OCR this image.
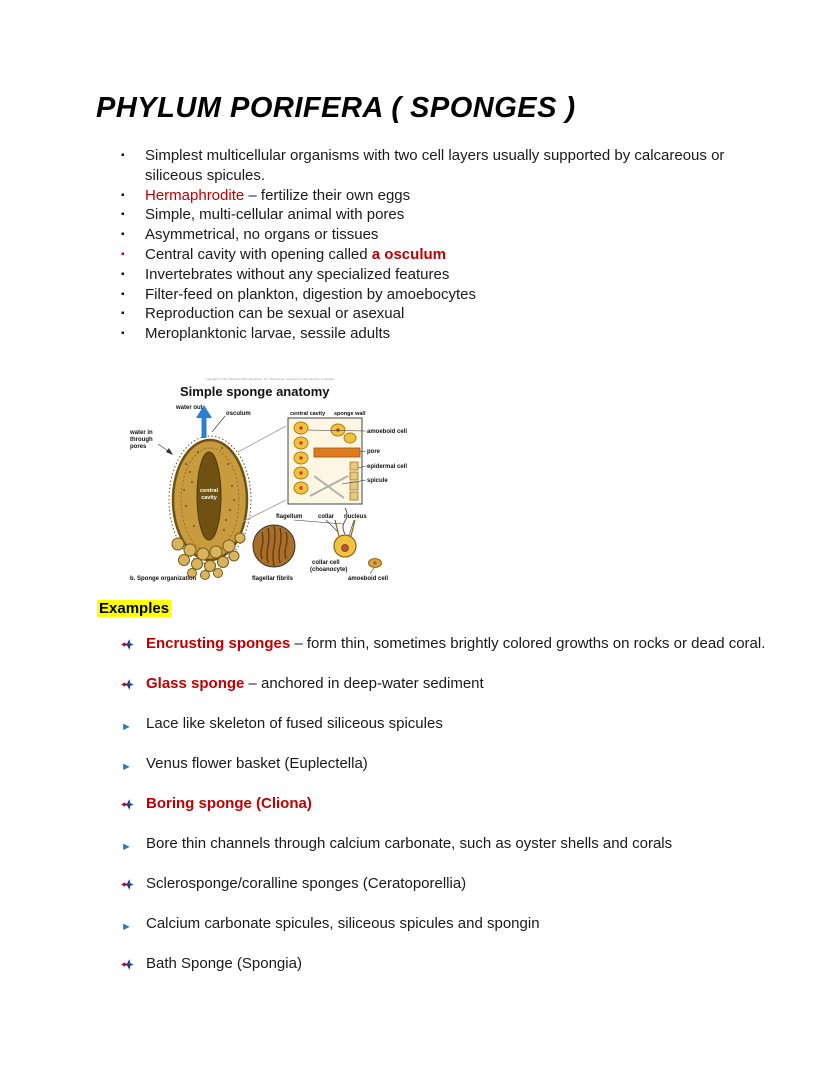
PHYLUM PORIFERA ( SPONGES )
▪	Simplest multicellular organisms with two cell layers usually supported by calcareous or siliceous spicules.
▪	Hermaphrodite – fertilize their own eggs
▪	Simple, multi-cellular animal with pores
▪	Asymmetrical, no organs or tissues
▪	Central cavity with opening called a osculum
▪	Invertebrates without any specialized features
▪	Filter-feed on plankton, digestion by amoebocytes
▪	Reproduction can be sexual or asexual
▪	Meroplanktonic larvae, sessile adults
Copyright © The McGraw-Hill Companies, Inc. Permission required for reproduction or display.
Simple sponge anatomy
central
cavity
water out
osculum
water in
through
pores
central cavity sponge wall
amoeboid cell
pore
epidermal cell
spicule
flagellum	collar nucleus
collar cell
(choanocyte)
amoeboid cell
flagellar fibrils
b. Sponge organization
Examples
Encrusting sponges – form thin, sometimes brightly colored growths on rocks or dead coral.
Glass sponge – anchored in deep-water sediment
► Lace like skeleton of fused siliceous spicules
► Venus flower basket (Euplectella)
Boring sponge (Cliona)
► Bore thin channels through calcium carbonate, such as oyster shells and corals
Sclerosponge/coralline sponges (Ceratoporellia)
► Calcium carbonate spicules, siliceous spicules and spongin
Bath Sponge (Spongia)
